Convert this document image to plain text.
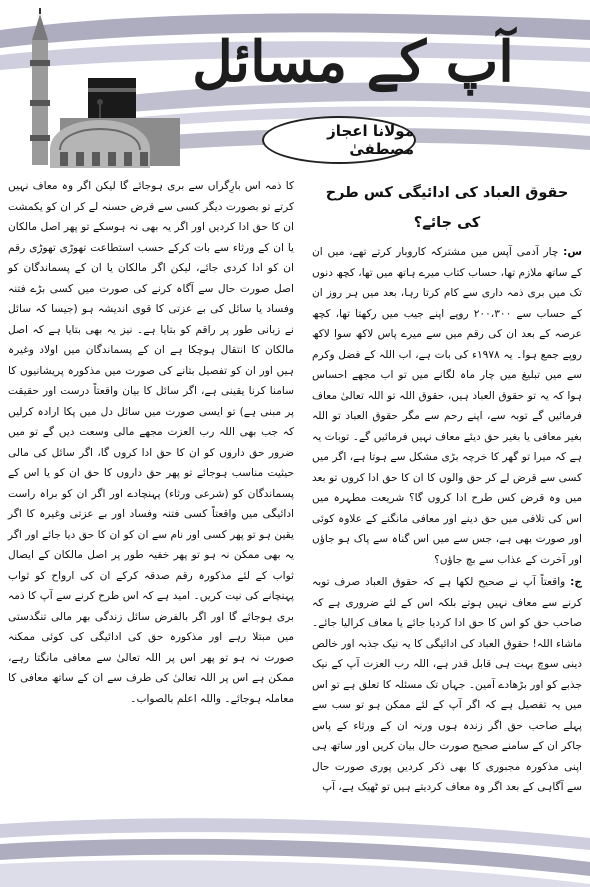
آپ کے مسائل
مولانا اعجاز مصطفیٰ
حقوق العباد کی ادائیگی کس طرح کی جائے؟

س: چار آدمی آپس میں مشترکہ کاروبار کرتے تھے، میں ان کے ساتھ ملازم تھا، حساب کتاب میرے ہاتھ میں تھا، کچھ دنوں تک میں بری ذمہ داری سے کام کرتا رہا، بعد میں ہر روز ان کے حساب سے ۲۰۰،۳۰۰ روپے اپنے جیب میں رکھتا تھا، کچھ عرصہ کے بعد ان کی رقم میں سے میرے پاس لاکھ سوا لاکھ روپے جمع ہوا۔ یہ ۱۹۷۸ء کی بات ہے، اب اللہ کے فضل وکرم سے میں تبلیغ میں چار ماہ لگانے میں تو اب مجھے احساس ہوا کہ یہ تو حقوق العباد ہیں، حقوق اللہ تو اللہ تعالیٰ معاف فرمائیں گے توبہ سے، اپنے رحم سے مگر حقوق العباد تو اللہ بغیر معافی یا بغیر حق دیئے معاف نہیں فرمائیں گے۔ توبات یہ ہے کہ میرا تو گھر کا خرچہ بڑی مشکل سے ہوتا ہے، اگر میں کسی سے قرض لے کر حق والوں کا ان کا حق ادا کروں تو بعد میں وہ قرض کس طرح ادا کروں گا؟ شریعت مطہرہ میں اس کی تلافی میں حق دینے اور معافی مانگنے کے علاوہ کوئی اور صورت بھی ہے، جس سے میں اس گناہ سے پاک ہو جاؤں اور آخرت کے عذاب سے بچ جاؤں؟

ج: واقعتاً آپ نے صحیح لکھا ہے کہ حقوق العباد صرف توبہ کرنے سے معاف نہیں ہوتے بلکہ اس کے لئے ضروری ہے کہ صاحب حق کو اس کا حق ادا کردیا جائے یا معاف کرالیا جائے۔ ماشاء اللہ! حقوق العباد کی ادائیگی کا یہ نیک جذبہ اور خالص دینی سوچ بہت ہی قابل قدر ہے، اللہ رب العزت آپ کے نیک جذبے کو اور بڑھادے آمین۔ جہاں تک مسئلہ کا تعلق ہے تو اس میں یہ تفصیل ہے کہ اگر آپ کے لئے ممکن ہو تو سب سے پہلے صاحب حق اگر زندہ ہوں ورنہ ان کے ورثاء کے پاس جاکر ان کے سامنے صحیح صورت حال بیان کریں اور ساتھ ہی اپنی مذکورہ مجبوری کا بھی ذکر کردیں پوری صورت حال سے آگاہی کے بعد اگر وہ معاف کردیتے ہیں تو ٹھیک ہے، آپ

کا ذمہ اس بارِگراں سے بری ہوجائے گا لیکن اگر وہ معاف نہیں کرتے تو بصورت دیگر کسی سے قرض حسنہ لے کر ان کو یکمشت ان کا حق ادا کردیں اور اگر یہ بھی نہ ہوسکے تو پھر اصل مالکان یا ان کے ورثاء سے بات کرکے حسب استطاعت تھوڑی تھوڑی رقم ان کو ادا کردی جائے، لیکن اگر مالکان یا ان کے پسماندگان کو اصل صورت حال سے آگاہ کرنے کی صورت میں کسی بڑے فتنہ وفساد یا سائل کی بے عزتی کا قوی اندیشہ ہو (جیسا کہ سائل نے زبانی طور پر راقم کو بتایا ہے۔ نیز یہ بھی بتایا ہے کہ اصل مالکان کا انتقال ہوچکا ہے ان کے پسماندگان میں اولاد وغیرہ ہیں اور ان کو تفصیل بتانے کی صورت میں مذکورہ پریشانیوں کا سامنا کرنا یقینی ہے، اگر سائل کا بیان واقعتاً درست اور حقیقت پر مبنی ہے) تو ایسی صورت میں سائل دل میں پکا ارادہ کرلیں کہ جب بھی اللہ رب العزت مجھے مالی وسعت دیں گے تو میں ضرور حق داروں کو ان کا حق ادا کروں گا، اگر سائل کی مالی حیثیت مناسب ہوجائے تو پھر حق داروں کا حق ان کو یا اس کے پسماندگان کو (شرعی ورثاء) پہنچادے اور اگر ان کو براہ راست ادائیگی میں واقعتاً کسی فتنہ وفساد اور بے عزتی وغیرہ کا اگر یقین ہو تو پھر کسی اور نام سے ان کو ان کا حق دیا جائے اور اگر یہ بھی ممکن نہ ہو تو پھر خفیہ طور پر اصل مالکان کے ایصال ثواب کے لئے مذکورہ رقم صدقہ کرکے ان کی ارواح کو ثواب پہنچانے کی نیت کریں۔ امید ہے کہ اس طرح کرنے سے آپ کا ذمہ بری ہوجائے گا اور اگر بالفرض سائل زندگی بھر مالی تنگدستی میں مبتلا رہے اور مذکورہ حق کی ادائیگی کی کوئی ممکنہ صورت نہ ہو تو پھر اس پر اللہ تعالیٰ سے معافی مانگتا رہے، ممکن ہے اس پر اللہ تعالیٰ کی طرف سے ان کے ساتھ معافی کا معاملہ ہوجائے۔ واللہ اعلم بالصواب۔
